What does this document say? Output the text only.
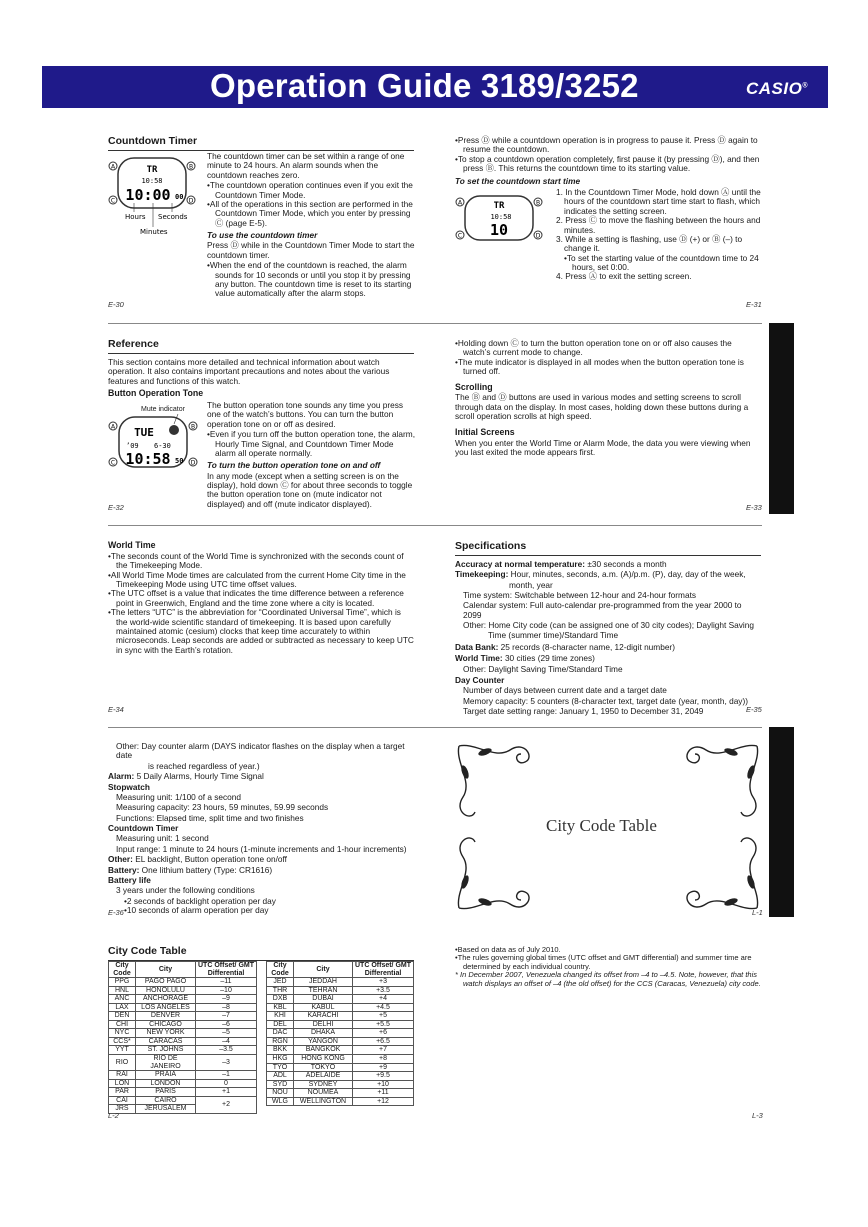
Operation Guide 3189/3252	CASIO®
Countdown Timer
A	B
C	D
TR
10:58
10:00 00
Hours Seconds
Minutes

The countdown timer can be set within a range of one minute to 24 hours. An alarm sounds when the countdown reaches zero.

• The countdown operation continues even if you exit the Countdown Timer Mode.
• All of the operations in this section are performed in the Countdown Timer Mode, which you enter by pressing Ⓒ (page E-5).
To use the countdown timer

Press Ⓓ while in the Countdown Timer Mode to start the countdown timer.

• When the end of the countdown is reached, the alarm sounds for 10 seconds or until you stop it by pressing any button. The countdown time is reset to its starting value automatically after the alarm stops.
E-30
• Press Ⓓ while a countdown operation is in progress to pause it. Press Ⓓ again to resume the countdown.
• To stop a countdown operation completely, first pause it (by pressing Ⓓ), and then press Ⓑ. This returns the countdown time to its starting value.
To set the countdown start time
A	B
C	D
TR
10:58
10
1. In the Countdown Timer Mode, hold down Ⓐ until the hours of the countdown start time start to flash, which indicates the setting screen.
2. Press Ⓒ to move the flashing between the hours and minutes.
3. While a setting is flashing, use Ⓓ (+) or Ⓑ (–) to change it.
• To set the starting value of the countdown time to 24 hours, set 0:00.

4. Press Ⓐ to exit the setting screen.

E-31
Reference

This section contains more detailed and technical information about watch operation. It also contains important precautions and notes about the various features and functions of this watch.

Button Operation Tone
Mute indicator
A	B
C	D
TUE
’09 6-30
10:58 50

The button operation tone sounds any time you press one of the watch’s buttons. You can turn the button operation tone on or off as desired.

• Even if you turn off the button operation tone, the alarm, Hourly Time Signal, and Countdown Timer Mode alarm all operate normally.
To turn the button operation tone on and off

In any mode (except when a setting screen is on the display), hold down Ⓒ for about three seconds to toggle the button operation tone on (mute indicator not displayed) and off (mute indicator displayed).

E-32
• Holding down Ⓒ to turn the button operation tone on or off also causes the watch’s current mode to change.
• The mute indicator is displayed in all modes when the button operation tone is turned off.
Scrolling

The Ⓑ and Ⓓ buttons are used in various modes and setting screens to scroll through data on the display. In most cases, holding down these buttons during a scroll operation scrolls at high speed.

Initial Screens

When you enter the World Time or Alarm Mode, the data you were viewing when you last exited the mode appears first.

E-33
World Time
• The seconds count of the World Time is synchronized with the seconds count of the Timekeeping Mode.
• All World Time Mode times are calculated from the current Home City time in the Timekeeping Mode using UTC time offset values.
• The UTC offset is a value that indicates the time difference between a reference point in Greenwich, England and the time zone where a city is located.
• The letters “UTC” is the abbreviation for “Coordinated Universal Time”, which is the world-wide scientific standard of timekeeping. It is based upon carefully maintained atomic (cesium) clocks that keep time accurately to within microseconds. Leap seconds are added or subtracted as necessary to keep UTC in sync with the Earth’s rotation.
E-34
Specifications

Accuracy at normal temperature: ±30 seconds a month

Timekeeping: Hour, minutes, seconds, a.m. (A)/p.m. (P), day, day of the week,

month, year

Time system: Switchable between 12-hour and 24-hour formats

Calendar system: Full auto-calendar pre-programmed from the year 2000 to 2099

Other: Home City code (can be assigned one of 30 city codes); Daylight Saving

Time (summer time)/Standard Time

Data Bank: 25 records (8-character name, 12-digit number)

World Time: 30 cities (29 time zones)

Other: Daylight Saving Time/Standard Time

Day Counter

Number of days between current date and a target date

Memory capacity: 5 counters (8-character text, target date (year, month, day))

Target date setting range: January 1, 1950 to December 31, 2049	E-35

Other: Day counter alarm (DAYS indicator flashes on the display when a target date

is reached regardless of year.)

Alarm: 5 Daily Alarms, Hourly Time Signal

Stopwatch

Measuring unit: 1/100 of a second

Measuring capacity: 23 hours, 59 minutes, 59.99 seconds

Functions: Elapsed time, split time and two finishes

Countdown Timer

Measuring unit: 1 second

Input range: 1 minute to 24 hours (1-minute increments and 1-hour increments)

Other: EL backlight, Button operation tone on/off

Battery: One lithium battery (Type: CR1616)

Battery life

3 years under the following conditions

• 2 seconds of backlight operation per day
• 10 seconds of alarm operation per day
E-36
City Code Table
L-1
City Code Table
City Code	City	UTC Offset/ GMT Differential
PPG	PAGO PAGO	–11
HNL	HONOLULU	–10
ANC	ANCHORAGE	–9
LAX	LOS ANGELES	–8
DEN	DENVER	–7
CHI	CHICAGO	–6
NYC	NEW YORK	–5
CCS*	CARACAS	–4
YYT	ST. JOHNS	–3.5
RIO	RIO DE JANEIRO	–3
RAI	PRAIA	–1
LON	LONDON	0
PAR	PARIS	+1
CAI	CAIRO	+2
JRS	JERUSALEM	
City Code	City	UTC Offset/ GMT Differential
JED	JEDDAH	+3
THR	TEHRAN	+3.5
DXB	DUBAI	+4
KBL	KABUL	+4.5
KHI	KARACHI	+5
DEL	DELHI	+5.5
DAC	DHAKA	+6
RGN	YANGON	+6.5
BKK	BANGKOK	+7
HKG	HONG KONG	+8
TYO	TOKYO	+9
ADL	ADELAIDE	+9.5
SYD	SYDNEY	+10
NOU	NOUMEA	+11
WLG	WELLINGTON	+12
L-2
• Based on data as of July 2010.
• The rules governing global times (UTC offset and GMT differential) and summer time are determined by each individual country.

* In December 2007, Venezuela changed its offset from –4 to –4.5. Note, however, that this watch displays an offset of –4 (the old offset) for the CCS (Caracas, Venezuela) city code.

L-3
